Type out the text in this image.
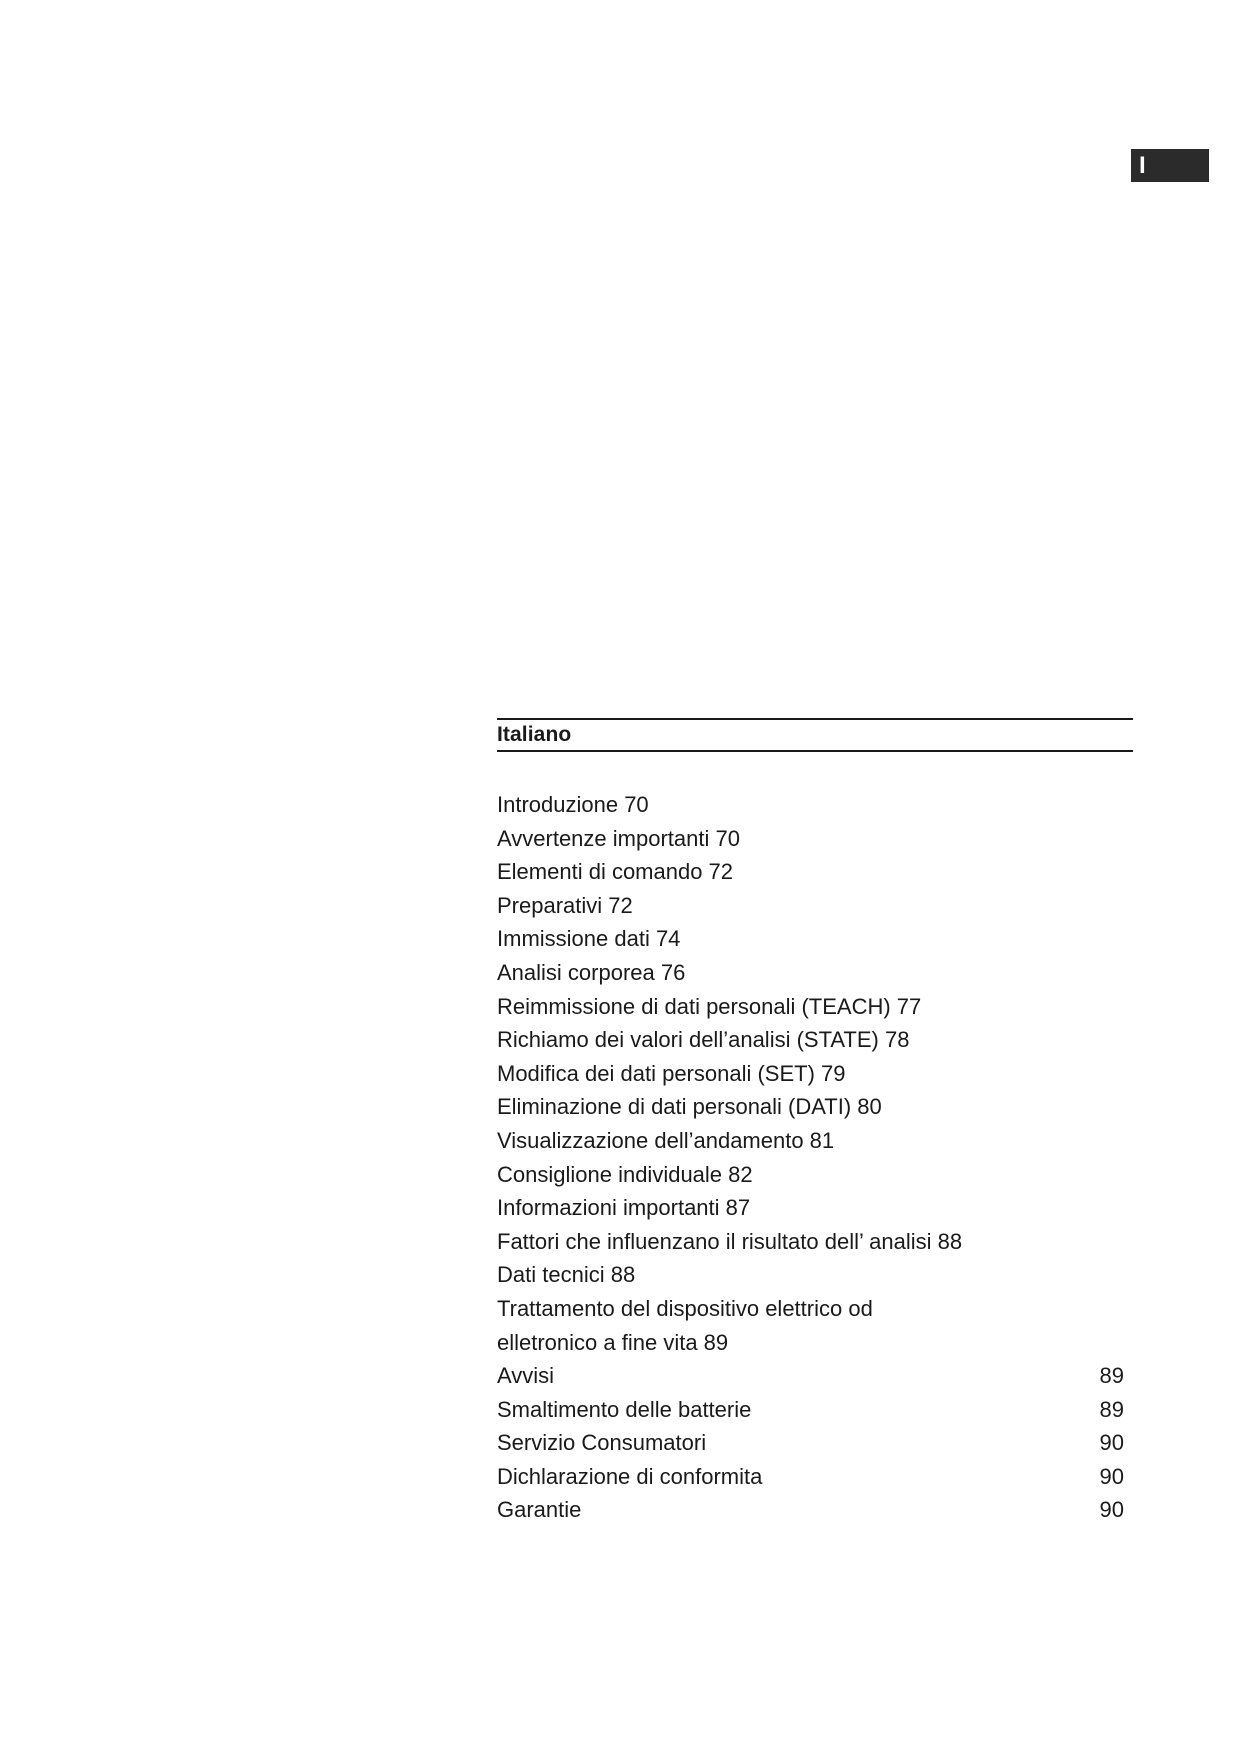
I
Italiano
Introduzione 70
Avvertenze importanti 70
Elementi di comando 72
Preparativi 72
Immissione dati 74
Analisi corporea 76
Reimmissione di dati personali (TEACH) 77
Richiamo dei valori dell’analisi (STATE) 78
Modifica dei dati personali (SET) 79
Eliminazione di dati personali (DATI) 80
Visualizzazione dell’andamento 81
Consiglione individuale 82
Informazioni importanti 87
Fattori che influenzano il risultato dell’ analisi 88
Dati tecnici 88
Trattamento del dispositivo elettrico od
elletronico a fine vita 89
Avvisi	89
Smaltimento delle batterie	89
Servizio Consumatori	90
Dichlarazione di conformita	90
Garantie	90
